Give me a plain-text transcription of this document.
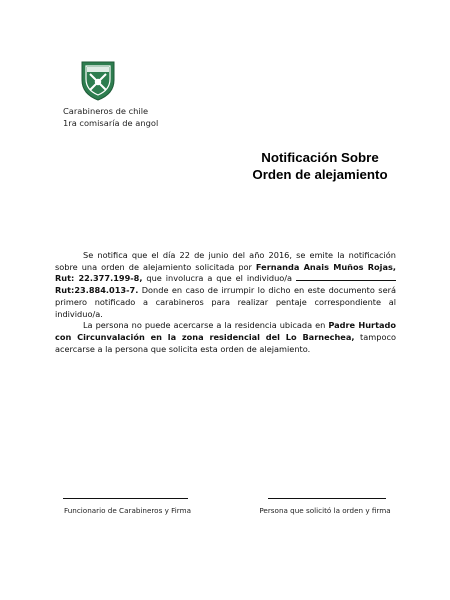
Carabineros de chile
1ra comisaría de angol
Notificación Sobre
Orden de alejamiento

Se notifica que el día 22 de junio del año 2016, se emite la notificación sobre una orden de alejamiento solicitada por Fernanda Anais Muños Rojas, Rut: 22.377.199-8, que involucra a que el individuo/a  Rut:23.884.013-7. Donde en caso de irrumpir lo dicho en este documento será primero notificado a carabineros para realizar pentaje correspondiente al individuo/a.

La persona no puede acercarse a la residencia ubicada en Padre Hurtado con Circunvalación en la zona residencial del Lo Barnechea, tampoco acercarse a la persona que solicita esta orden de alejamiento.

Funcionario de Carabineros y Firma	Persona que solicitó la orden y firma
